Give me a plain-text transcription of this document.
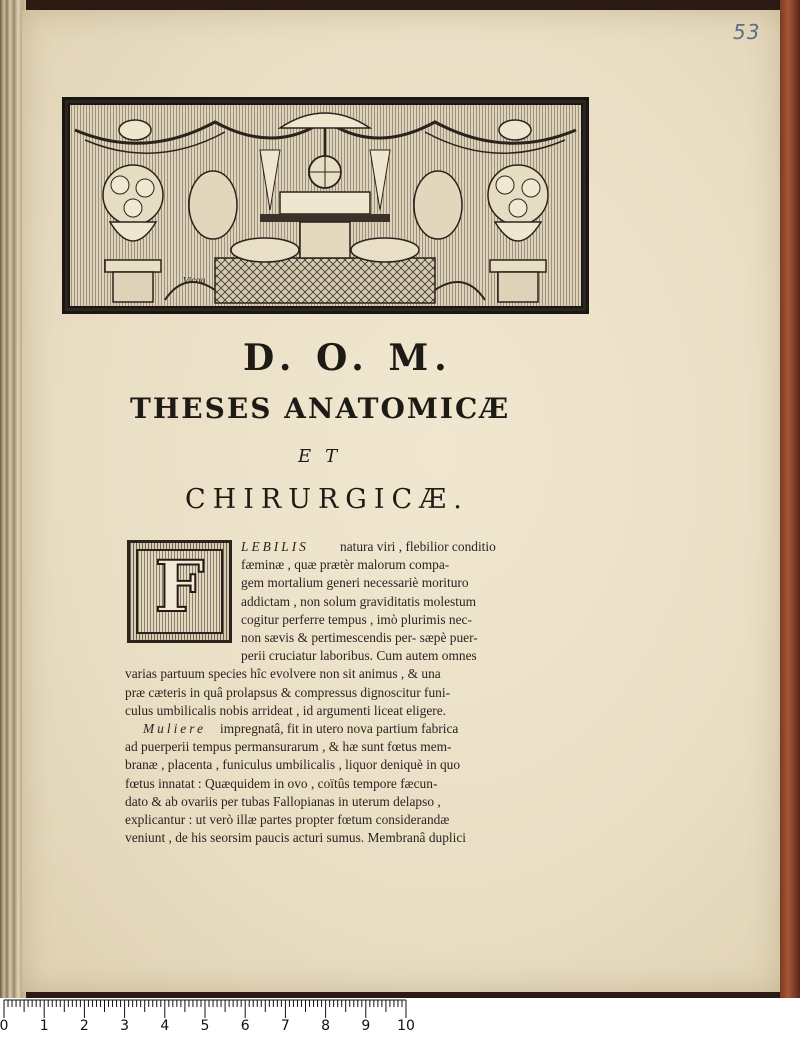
53
Vicou
D. O. M.
THESES ANATOMICÆ
ET
CHIRURGICÆ.
F	LEBILIS natura viri , flebilior conditio
fæminæ , quæ prætèr malorum compa-
gem mortalium generi necessariè moriturо
addictam , non solum graviditatis molestum
cogitur perferre tempus , imò plurimis nec-
non sævis & pertimescendis per- sæpè puer-
perii cruciatur laboribus. Cum autem omnes
varias partuum species hîc evolvere non sit animus , & una
præ cæteris in quâ prolapsus & compressus dignoscitur funi-
culus umbilicalis nobis arrideat , id argumenti liceat eligere.
Muliere impregnatâ, fit in utero nova partium fabrica
ad puerperii tempus permansurarum , & hæ sunt fœtus mem-
branæ , placenta , funiculus umbilicalis , liquor deniquè in quo
fœtus innatat : Quæquidem in ovo , coïtûs tempore fæcun-
dato & ab ovariis per tubas Fallopianas in uterum delapso ,
explicantur : ut verò illæ partes propter fœtum considerandæ
veniunt , de his seorsim paucis acturi sumus. Membranâ duplici
0 1 2 3 4 5 6 7 8 9 10
